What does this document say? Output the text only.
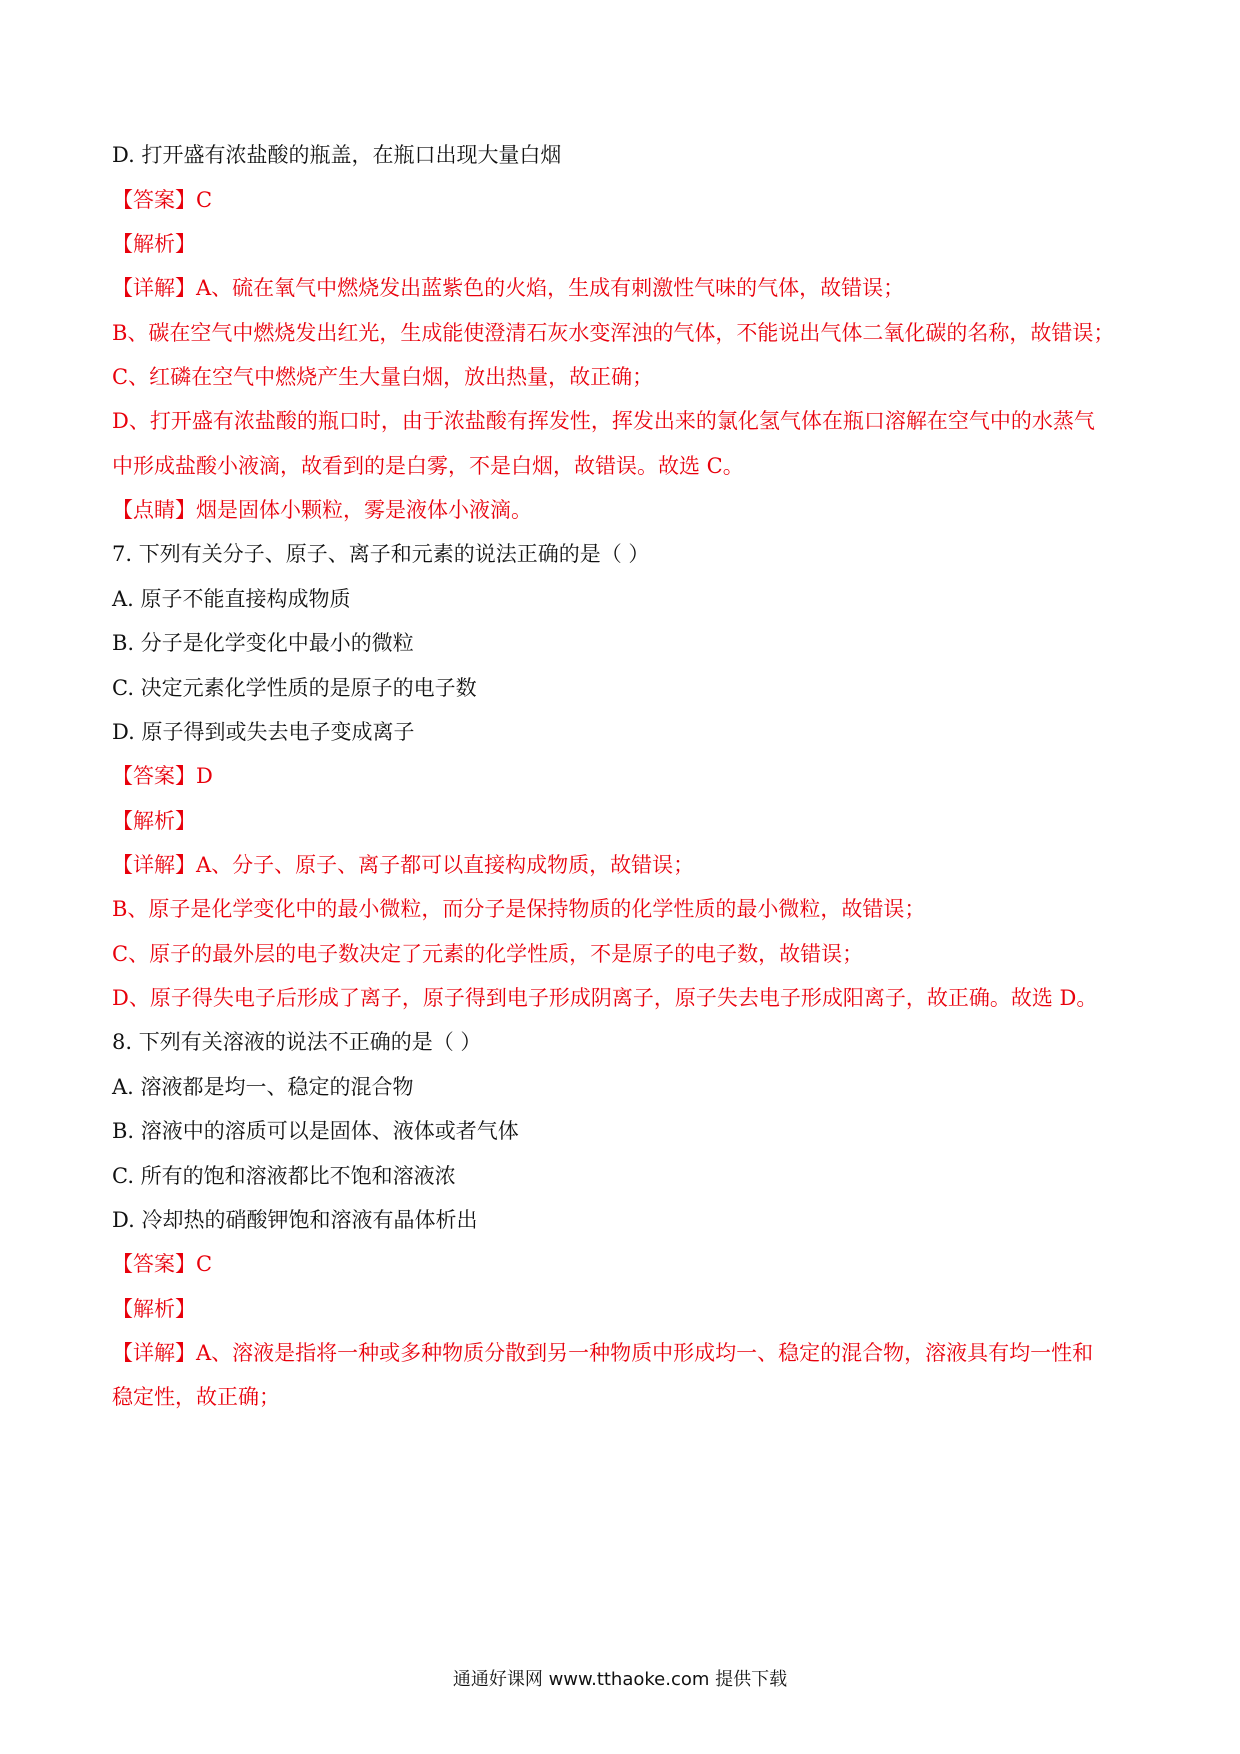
D. 打开盛有浓盐酸的瓶盖，在瓶口出现大量白烟
【答案】C
【解析】
【详解】A、硫在氧气中燃烧发出蓝紫色的火焰，生成有刺激性气味的气体，故错误；
B、碳在空气中燃烧发出红光，生成能使澄清石灰水变浑浊的气体，不能说出气体二氧化碳的名称，故错误；
C、红磷在空气中燃烧产生大量白烟，放出热量，故正确；
D、打开盛有浓盐酸的瓶口时，由于浓盐酸有挥发性，挥发出来的氯化氢气体在瓶口溶解在空气中的水蒸气
中形成盐酸小液滴，故看到的是白雾，不是白烟，故错误。故选 C。
【点睛】烟是固体小颗粒，雾是液体小液滴。
7. 下列有关分子、原子、离子和元素的说法正确的是（ ）
A. 原子不能直接构成物质
B. 分子是化学变化中最小的微粒
C. 决定元素化学性质的是原子的电子数
D. 原子得到或失去电子变成离子
【答案】D
【解析】
【详解】A、分子、原子、离子都可以直接构成物质，故错误；
B、原子是化学变化中的最小微粒，而分子是保持物质的化学性质的最小微粒，故错误；
C、原子的最外层的电子数决定了元素的化学性质，不是原子的电子数，故错误；
D、原子得失电子后形成了离子，原子得到电子形成阴离子，原子失去电子形成阳离子，故正确。故选 D。
8. 下列有关溶液的说法不正确的是（ ）
A. 溶液都是均一、稳定的混合物
B. 溶液中的溶质可以是固体、液体或者气体
C. 所有的饱和溶液都比不饱和溶液浓
D. 冷却热的硝酸钾饱和溶液有晶体析出
【答案】C
【解析】
【详解】A、溶液是指将一种或多种物质分散到另一种物质中形成均一、稳定的混合物，溶液具有均一性和
稳定性，故正确；
通通好课网 www.tthaoke.com 提供下载
